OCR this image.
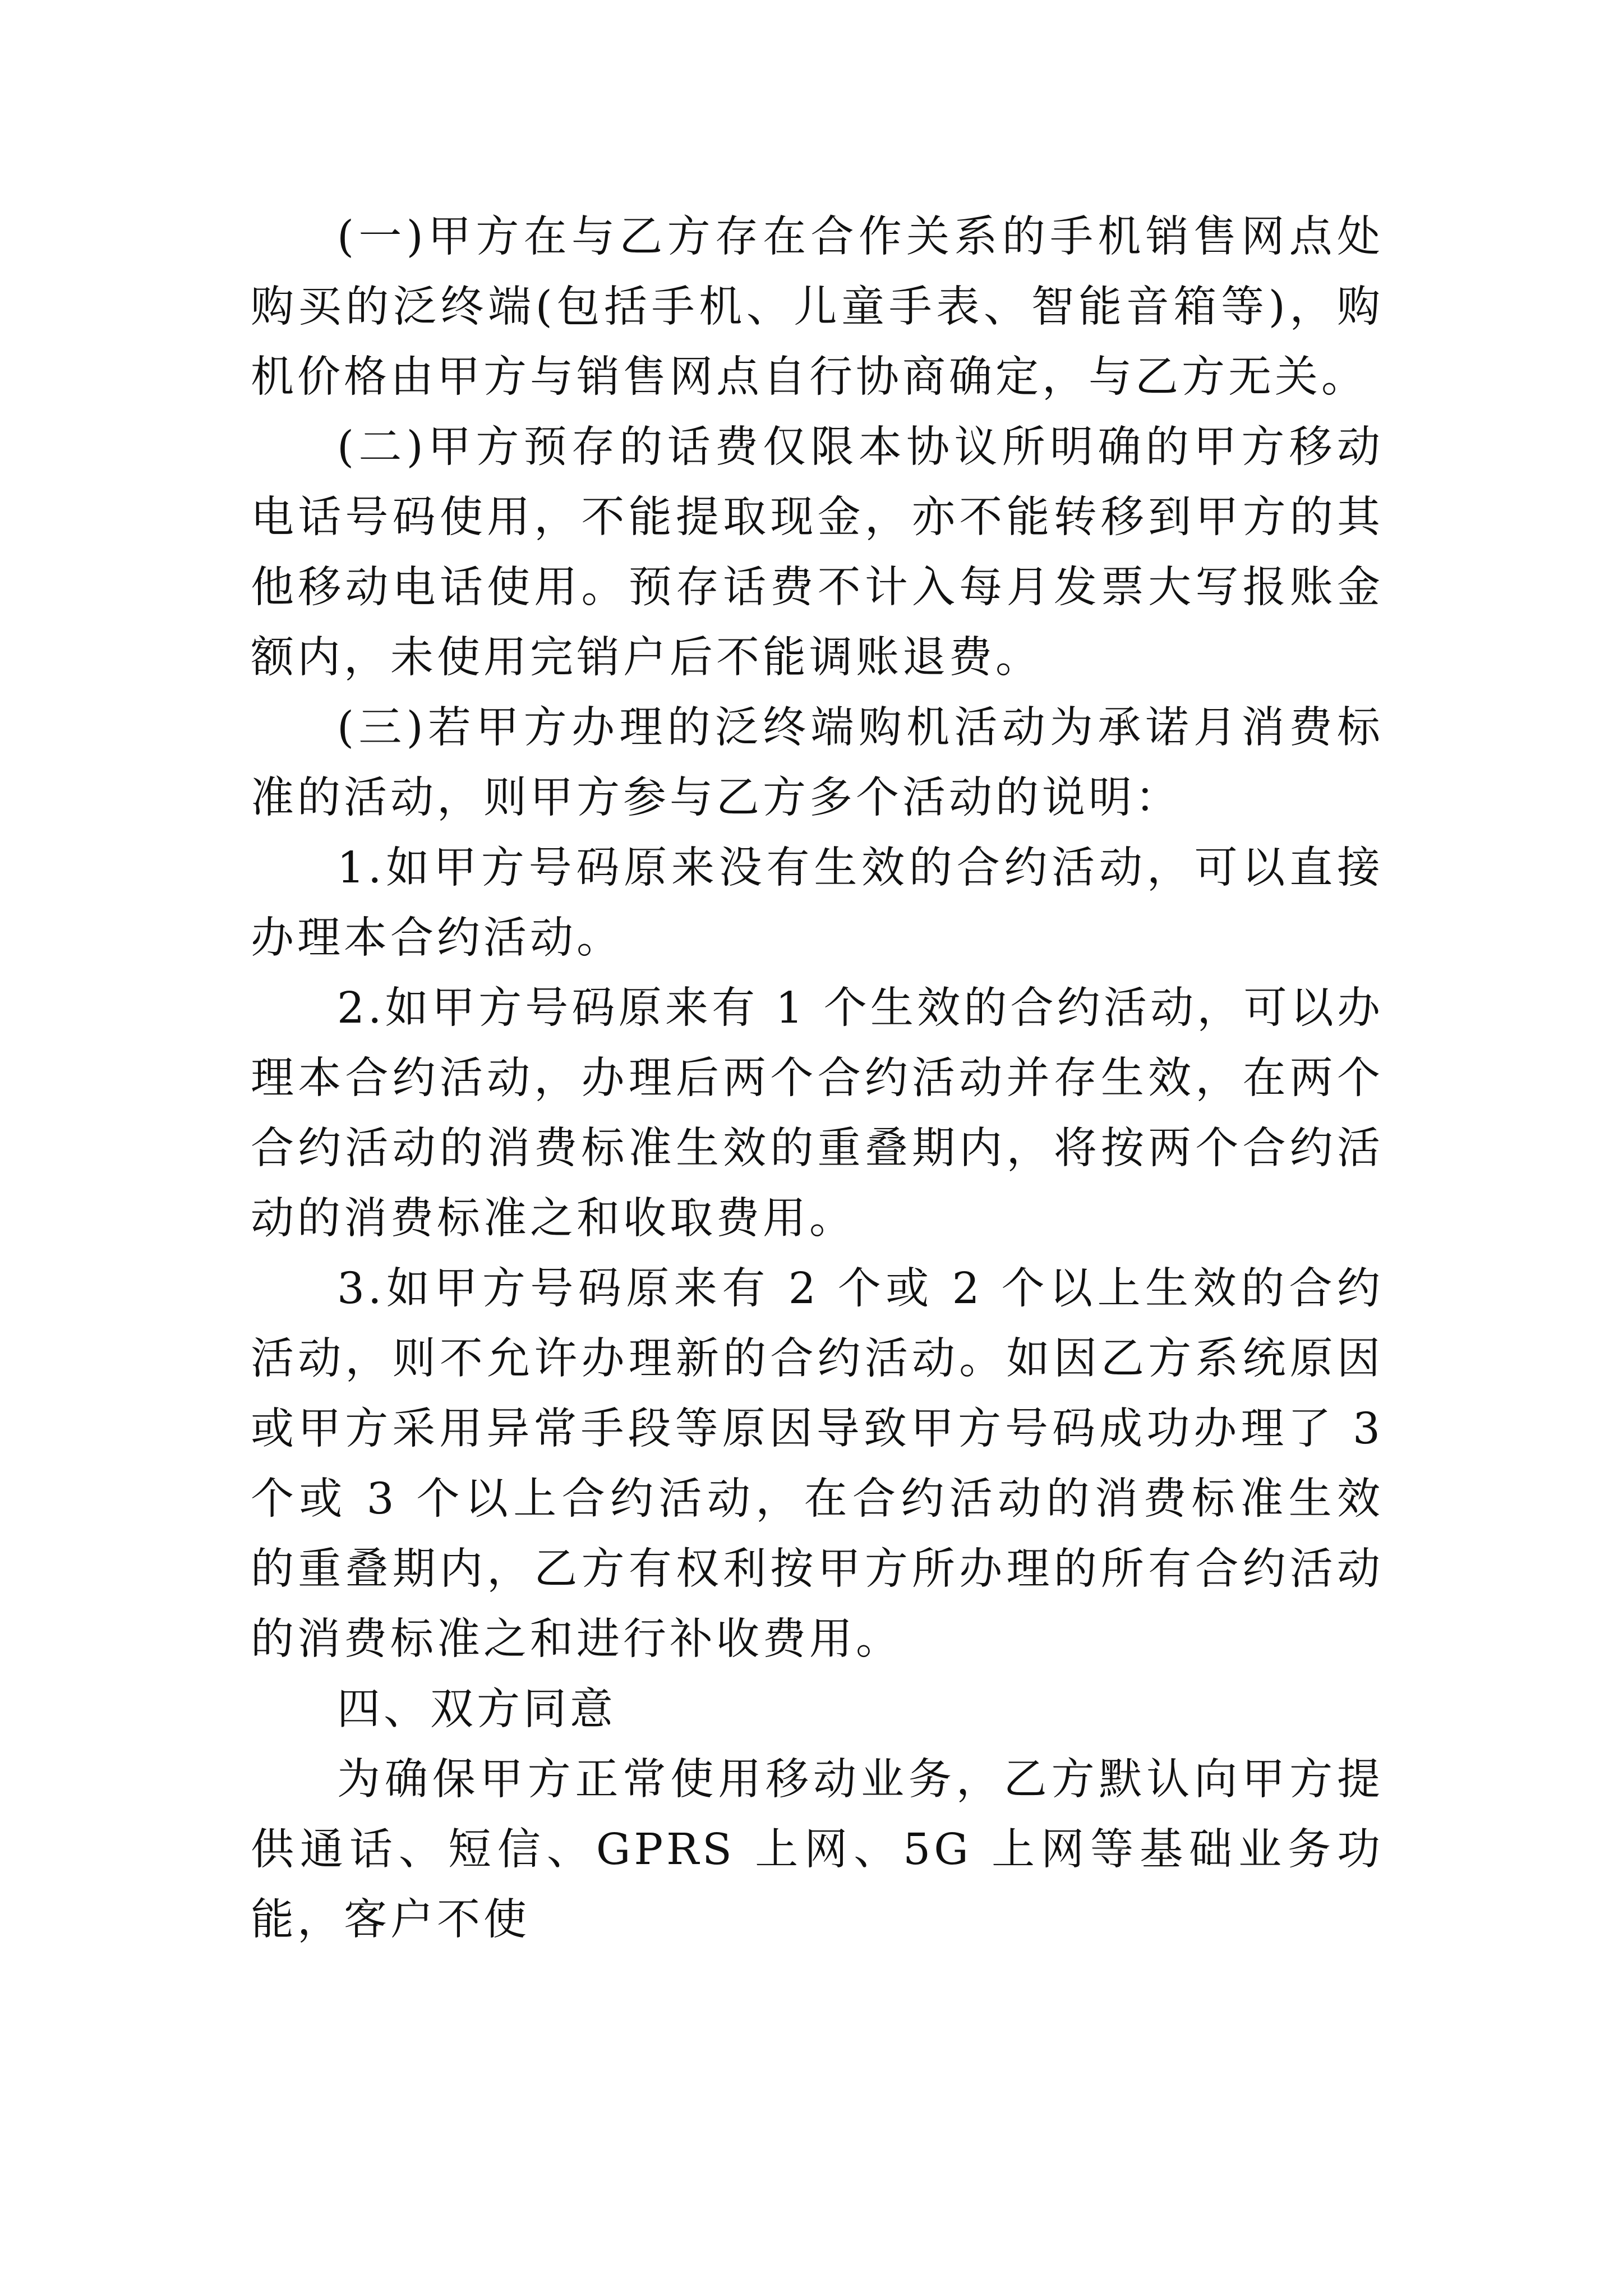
(一)甲方在与乙方存在合作关系的手机销售网点处购买的泛终端(包括手机、儿童手表、智能音箱等)，购机价格由甲方与销售网点自行协商确定，与乙方无关。

(二)甲方预存的话费仅限本协议所明确的甲方移动电话号码使用，不能提取现金，亦不能转移到甲方的其他移动电话使用。预存话费不计入每月发票大写报账金额内，未使用完销户后不能调账退费。

(三)若甲方办理的泛终端购机活动为承诺月消费标准的活动，则甲方参与乙方多个活动的说明：

1.如甲方号码原来没有生效的合约活动，可以直接办理本合约活动。

2.如甲方号码原来有 1 个生效的合约活动，可以办理本合约活动，办理后两个合约活动并存生效，在两个合约活动的消费标准生效的重叠期内，将按两个合约活动的消费标准之和收取费用。

3.如甲方号码原来有 2 个或 2 个以上生效的合约活动，则不允许办理新的合约活动。如因乙方系统原因或甲方采用异常手段等原因导致甲方号码成功办理了 3 个或 3 个以上合约活动，在合约活动的消费标准生效的重叠期内，乙方有权利按甲方所办理的所有合约活动的消费标准之和进行补收费用。

四、双方同意

为确保甲方正常使用移动业务，乙方默认向甲方提供通话、短信、GPRS 上网、5G 上网等基础业务功能，客户不使
